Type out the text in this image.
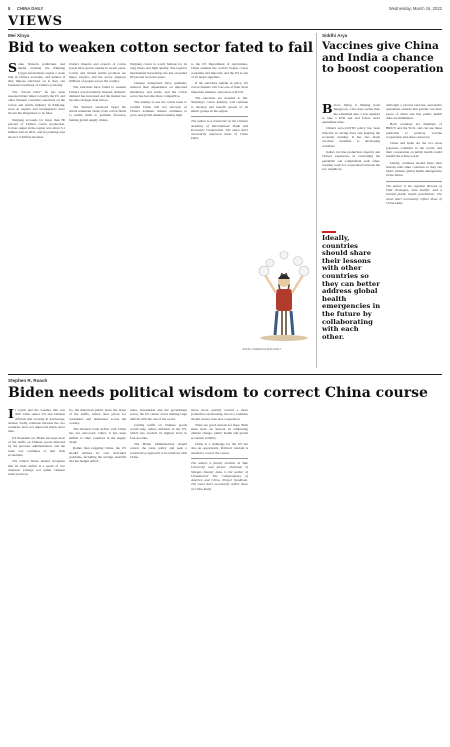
8 CHINA DAILY	Wednesday, March 16, 2022
VIEWS
Mei Xinyu
Bid to weaken cotton sector fated to fail

Some Western politicians and media consider the Xinjiang Uygur autonomous region a weak link in China's economy, and believe if they impose sanctions on it, they can break the backbone of China's economy.

The "forced labor" lie has been repeated many times to justify the US and other Western countries' sanctions on the cotton and textile industry in Xinjiang, even as experts and investigators have shown the allegations to be false.

Xinjiang accounts for more than 80 percent of China's cotton production. Cotton output in the region was about 5.1 million tons in 2021, and its planting area about 2.5 million hectares.

China's imports and exports of cotton goods have grown rapidly in recent years. Cotton and related textile products are major exports, and the sector employs millions of people across the country.

The sanctions have failed to weaken China's cotton industry. Instead, domestic demand has increased and the market has become stronger than before.

The Western sanctions target the whole industrial chain, from cotton fields to textile mills to garment factories, hurting global supply chains.

Xinjiang cotton is world famous for its long fibers and high quality. The region's mechanized harvesting rate has exceeded 80 percent in recent years.

Chinese enterprises have gradually reduced their dependence on imported machinery and seeds, and the cotton sector has become more competitive.

The attempt to use the cotton issue to contain China will not succeed, as China's domestic market continues to grow and global demand remains high.

to the US Department of Agriculture, China remains the world's largest cotton consumer and importer, and the US is one of its major suppliers.

If the sanctions remain in place, US cotton farmers will lose one of their most important markets, and prices will fall.

The sanctions are doomed to fail. Xinjiang's cotton industry will continue to develop and benefit people of all ethnic groups in the region.

The author is a researcher at the Chinese Academy of International Trade and Economic Cooperation. The views don't necessarily represent those of China Daily.

JIANG CHENG/CHINA DAILY
Siddhi Arya
Vaccines give China and India a chance to boost cooperation

Before flying to Beijing from Singapore, a few days earlier than the scheduled date, I was required to take a PCR test and follow strict quarantine rules.

China's zero-COVID policy has been effective in saving lives and keeping the economy running. It has also made vaccines available to developing countries.

India's vaccine production capacity and China's experience in controlling the pandemic can complement each other, creating room for cooperation between the two neighbors.

Ideally, countries should share their lessons with other countries so they can better address global health emergencies in the future by collaborating with each other.

Although a pivotal exercise, preventive quarantine ensures that parents can have peace of mind and that public health risks are minimized.

Both countries are members of BRICS and the SCO, and can use these platforms to promote vaccine cooperation and share resources.

China and India are the two most populous countries in the world, and their cooperation on public health would benefit the whole world.

Ideally, countries should share their lessons with other countries so they can better address global health emergencies in the future.

The author is the regional director of Vital Strategies, Asia Pacific, and a trained public health practitioner. The views don't necessarily reflect those of China Daily.

Stephen R. Roach
Biden needs political wisdom to correct China course

It wasn't just the weather that was chill when senior US and Chinese officials met recently in Anchorage, Alaska. Sadly, relations between the two countries have not improved much since then.

US President Joe Biden has kept most of the tariffs on Chinese goods imposed by the previous administration, and the trade war continues to hurt both economies.

The United States should recognize that its trade deficit is a result of low domestic savings, not unfair Chinese trade practices.

So, the American public bears the brunt of the tariffs, which raise prices for consumers and businesses across the country.

The bilateral trade deficit with China has not narrowed; rather, it has been shifted to other countries in the supply chain.

Rather than targeting China, the US should address its own structural problems, including the savings shortfall and the budget deficit.

taxes, households and the government sector, the US cannot avoid running large deficits with the rest of the world.

Cutting tariffs on Chinese goods would help reduce inflation in the US, which has reached its highest level in four decades.

The Biden administration should review the trade policy and seek a constructive approach to its relations with China.

move more quickly toward a more productive relationship, the two countries should restore trust and cooperation.

There are good reasons for hope. Both sides have an interest in addressing climate change, public health and global economic stability.

China is a challenge for the US but also an opportunity. Political wisdom is needed to correct the course.

The author, a faculty member at Yale University and former chairman of Morgan Stanley Asia, is the author of Unbalanced: The Codependency of America and China. Project Syndicate. The views don't necessarily reflect those of China Daily.
